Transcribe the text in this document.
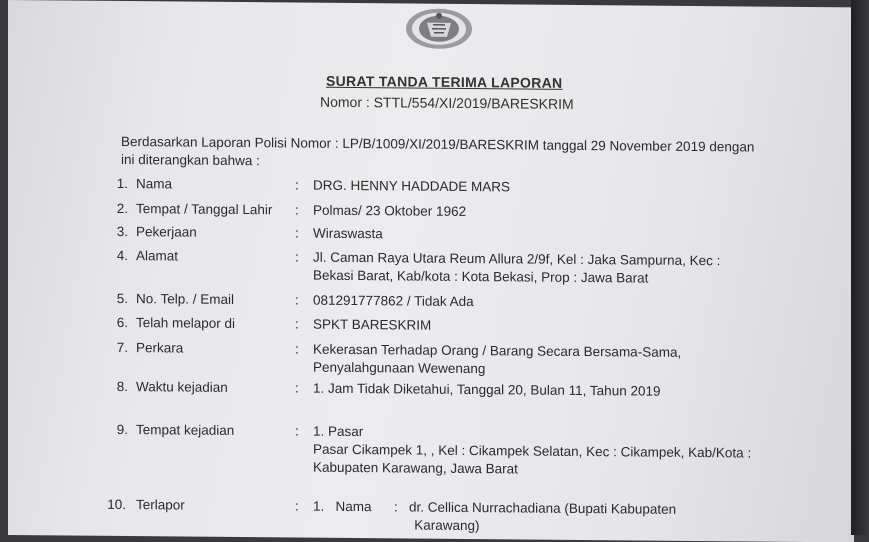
SURAT TANDA TERIMA LAPORAN
Nomor : STTL/554/XI/2019/BARESKRIM
Berdasarkan Laporan Polisi Nomor : LP/B/1009/XI/2019/BARESKRIM tanggal 29 November 2019 dengan
ini diterangkan bahwa :
1. Nama	: DRG. HENNY HADDADE MARS
2. Tempat / Tanggal Lahir : Polmas/ 23 Oktober 1962
3. Pekerjaan	: Wiraswasta
4. Alamat	: Jl. Caman Raya Utara Reum Allura 2/9f, Kel : Jaka Sampurna, Kec :
Bekasi Barat, Kab/kota : Kota Bekasi, Prop : Jawa Barat
5. No. Telp. / Email	: 081291777862 / Tidak Ada
6. Telah melapor di	: SPKT BARESKRIM
7. Perkara	: Kekerasan Terhadap Orang / Barang Secara Bersama-Sama,
Penyalahgunaan Wewenang
8. Waktu kejadian	: 1. Jam Tidak Diketahui, Tanggal 20, Bulan 11, Tahun 2019
9. Tempat kejadian	: 1. Pasar
Pasar Cikampek 1, , Kel : Cikampek Selatan, Kec : Cikampek, Kab/Kota :
Kabupaten Karawang, Jawa Barat
10. Terlapor	: 1.   Nama      :   dr. Cellica Nurrachadiana (Bupati Kabupaten
Karawang)
